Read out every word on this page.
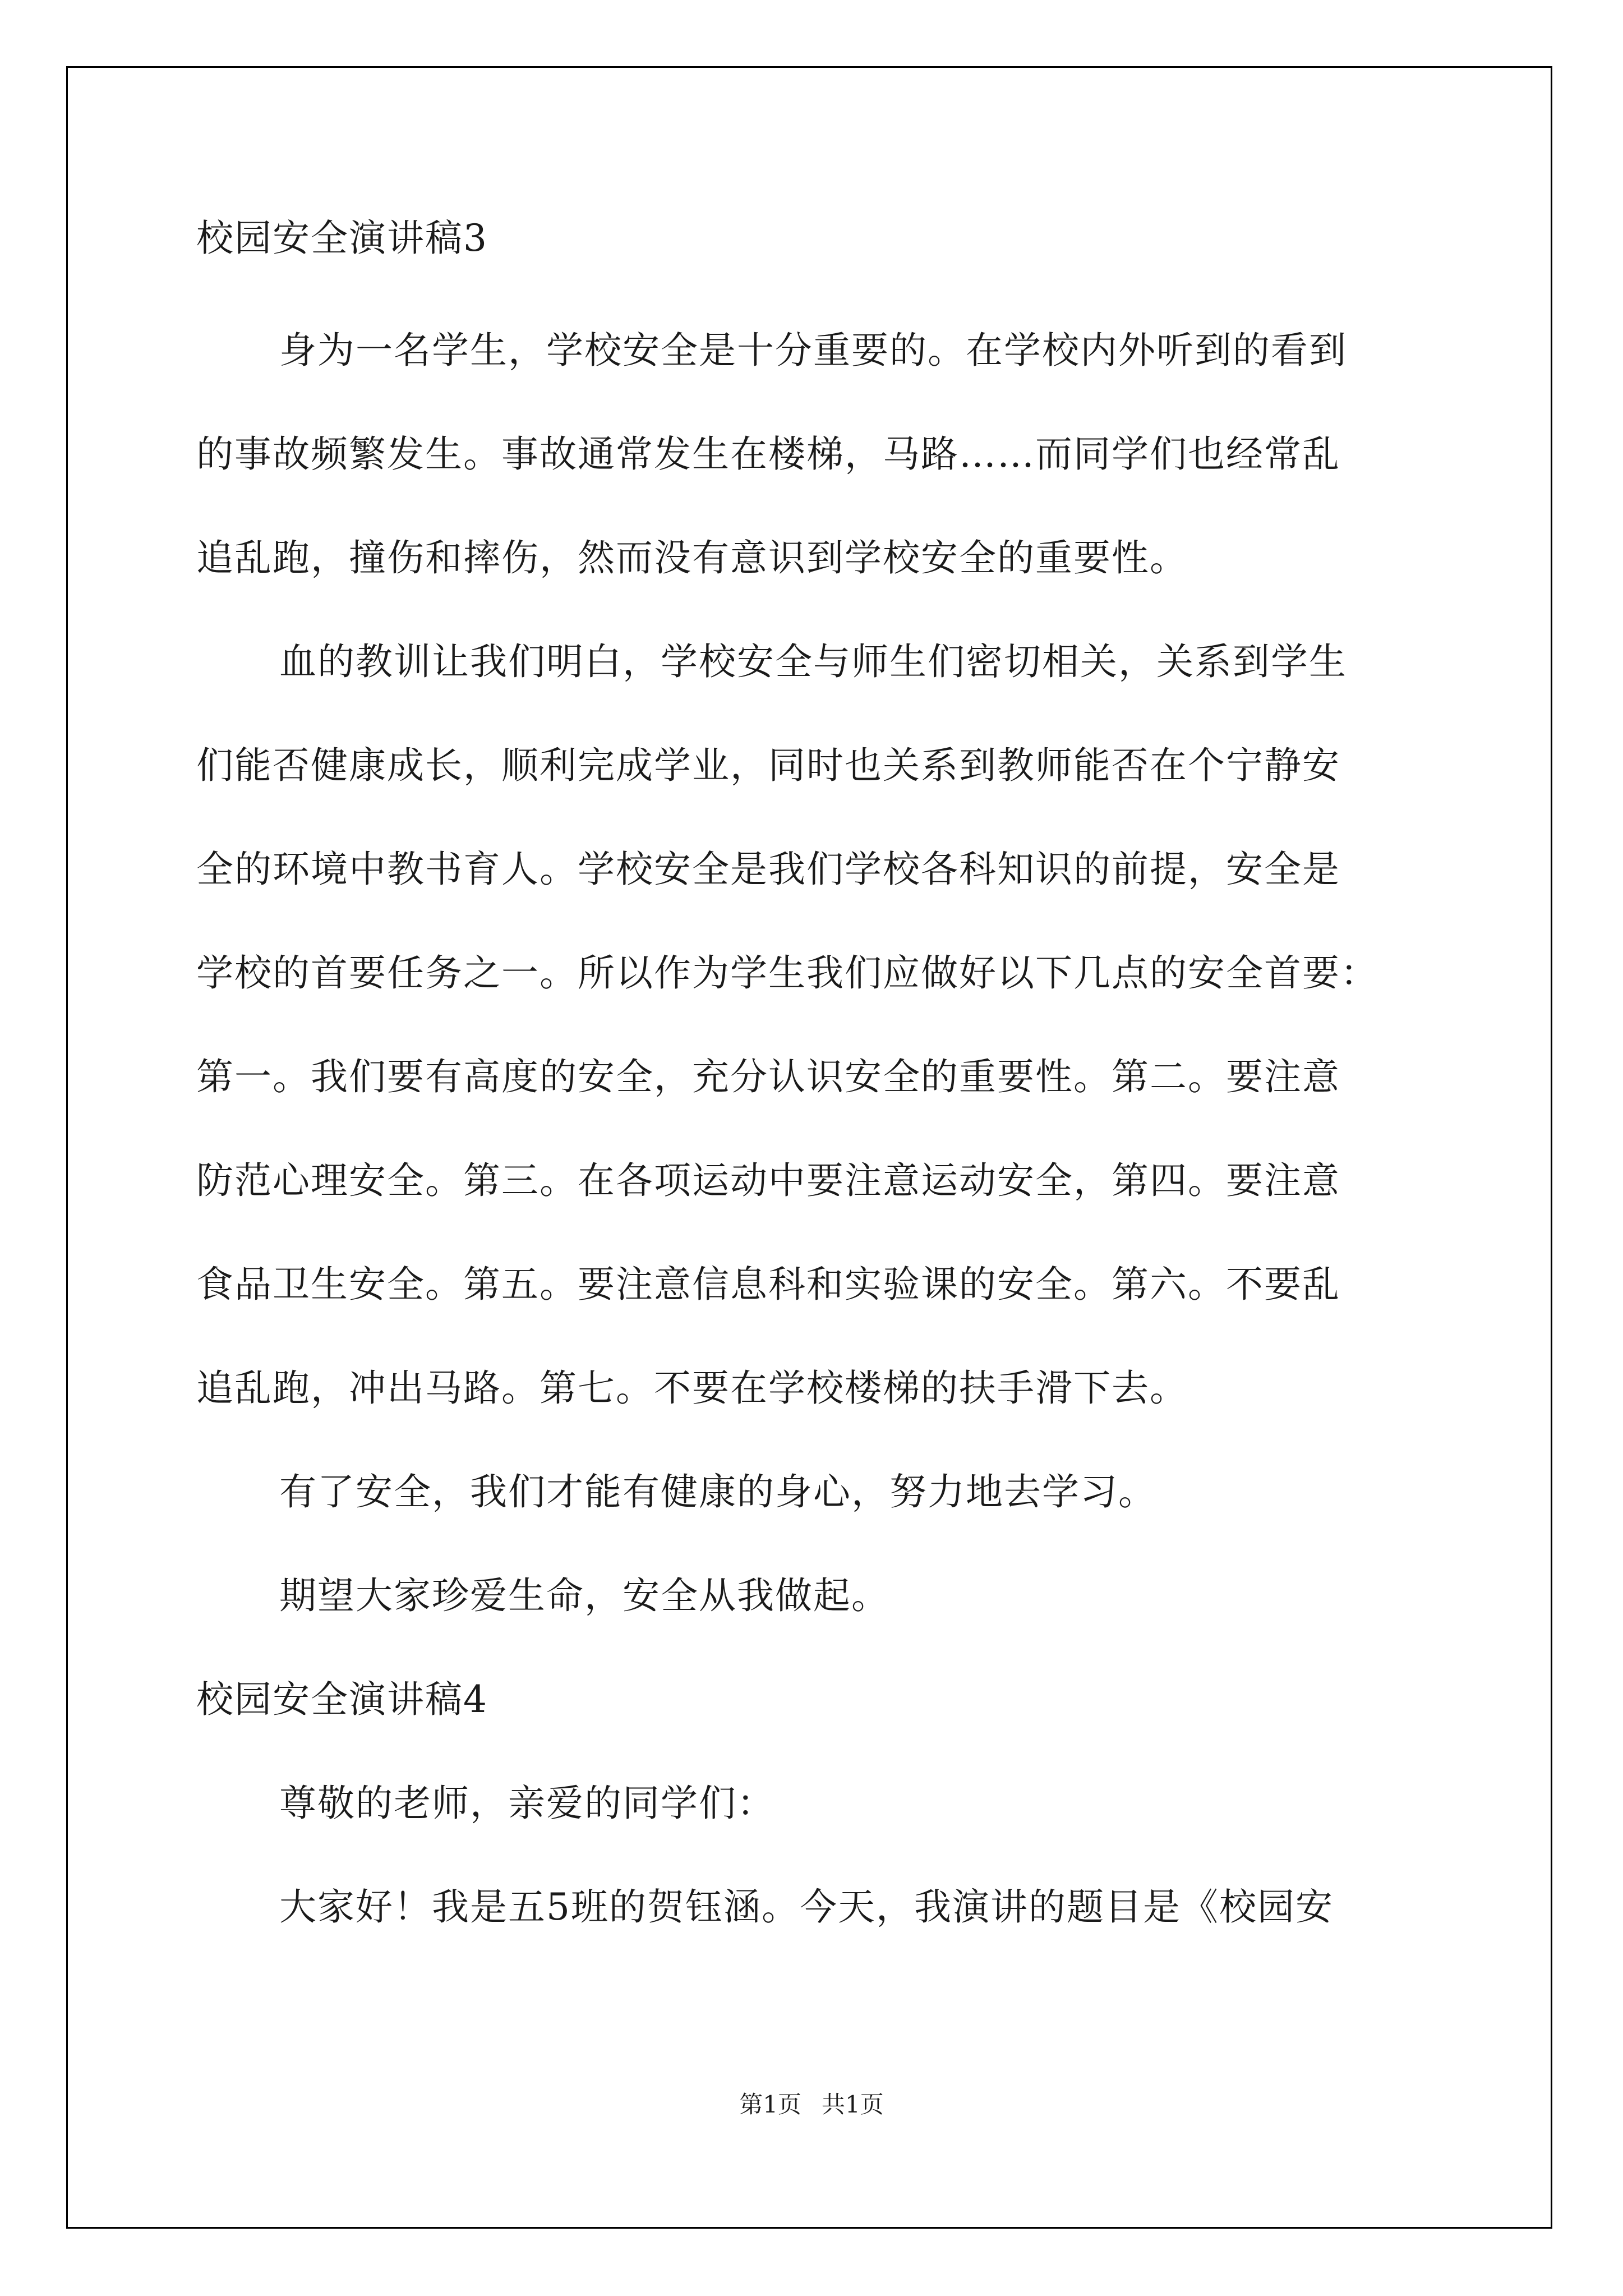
校园安全演讲稿3
身为一名学生，学校安全是十分重要的。在学校内外听到的看到
的事故频繁发生。事故通常发生在楼梯，马路……而同学们也经常乱
追乱跑，撞伤和摔伤，然而没有意识到学校安全的重要性。
血的教训让我们明白，学校安全与师生们密切相关，关系到学生
们能否健康成长，顺利完成学业，同时也关系到教师能否在个宁静安
全的环境中教书育人。学校安全是我们学校各科知识的前提，安全是
学校的首要任务之一。所以作为学生我们应做好以下几点的安全首要：
第一。我们要有高度的安全，充分认识安全的重要性。第二。要注意
防范心理安全。第三。在各项运动中要注意运动安全，第四。要注意
食品卫生安全。第五。要注意信息科和实验课的安全。第六。不要乱
追乱跑，冲出马路。第七。不要在学校楼梯的扶手滑下去。
有了安全，我们才能有健康的身心，努力地去学习。
期望大家珍爱生命，安全从我做起。
校园安全演讲稿4
尊敬的老师，亲爱的同学们：
大家好！我是五5班的贺钰涵。今天，我演讲的题目是《校园安
第1页 共1页
